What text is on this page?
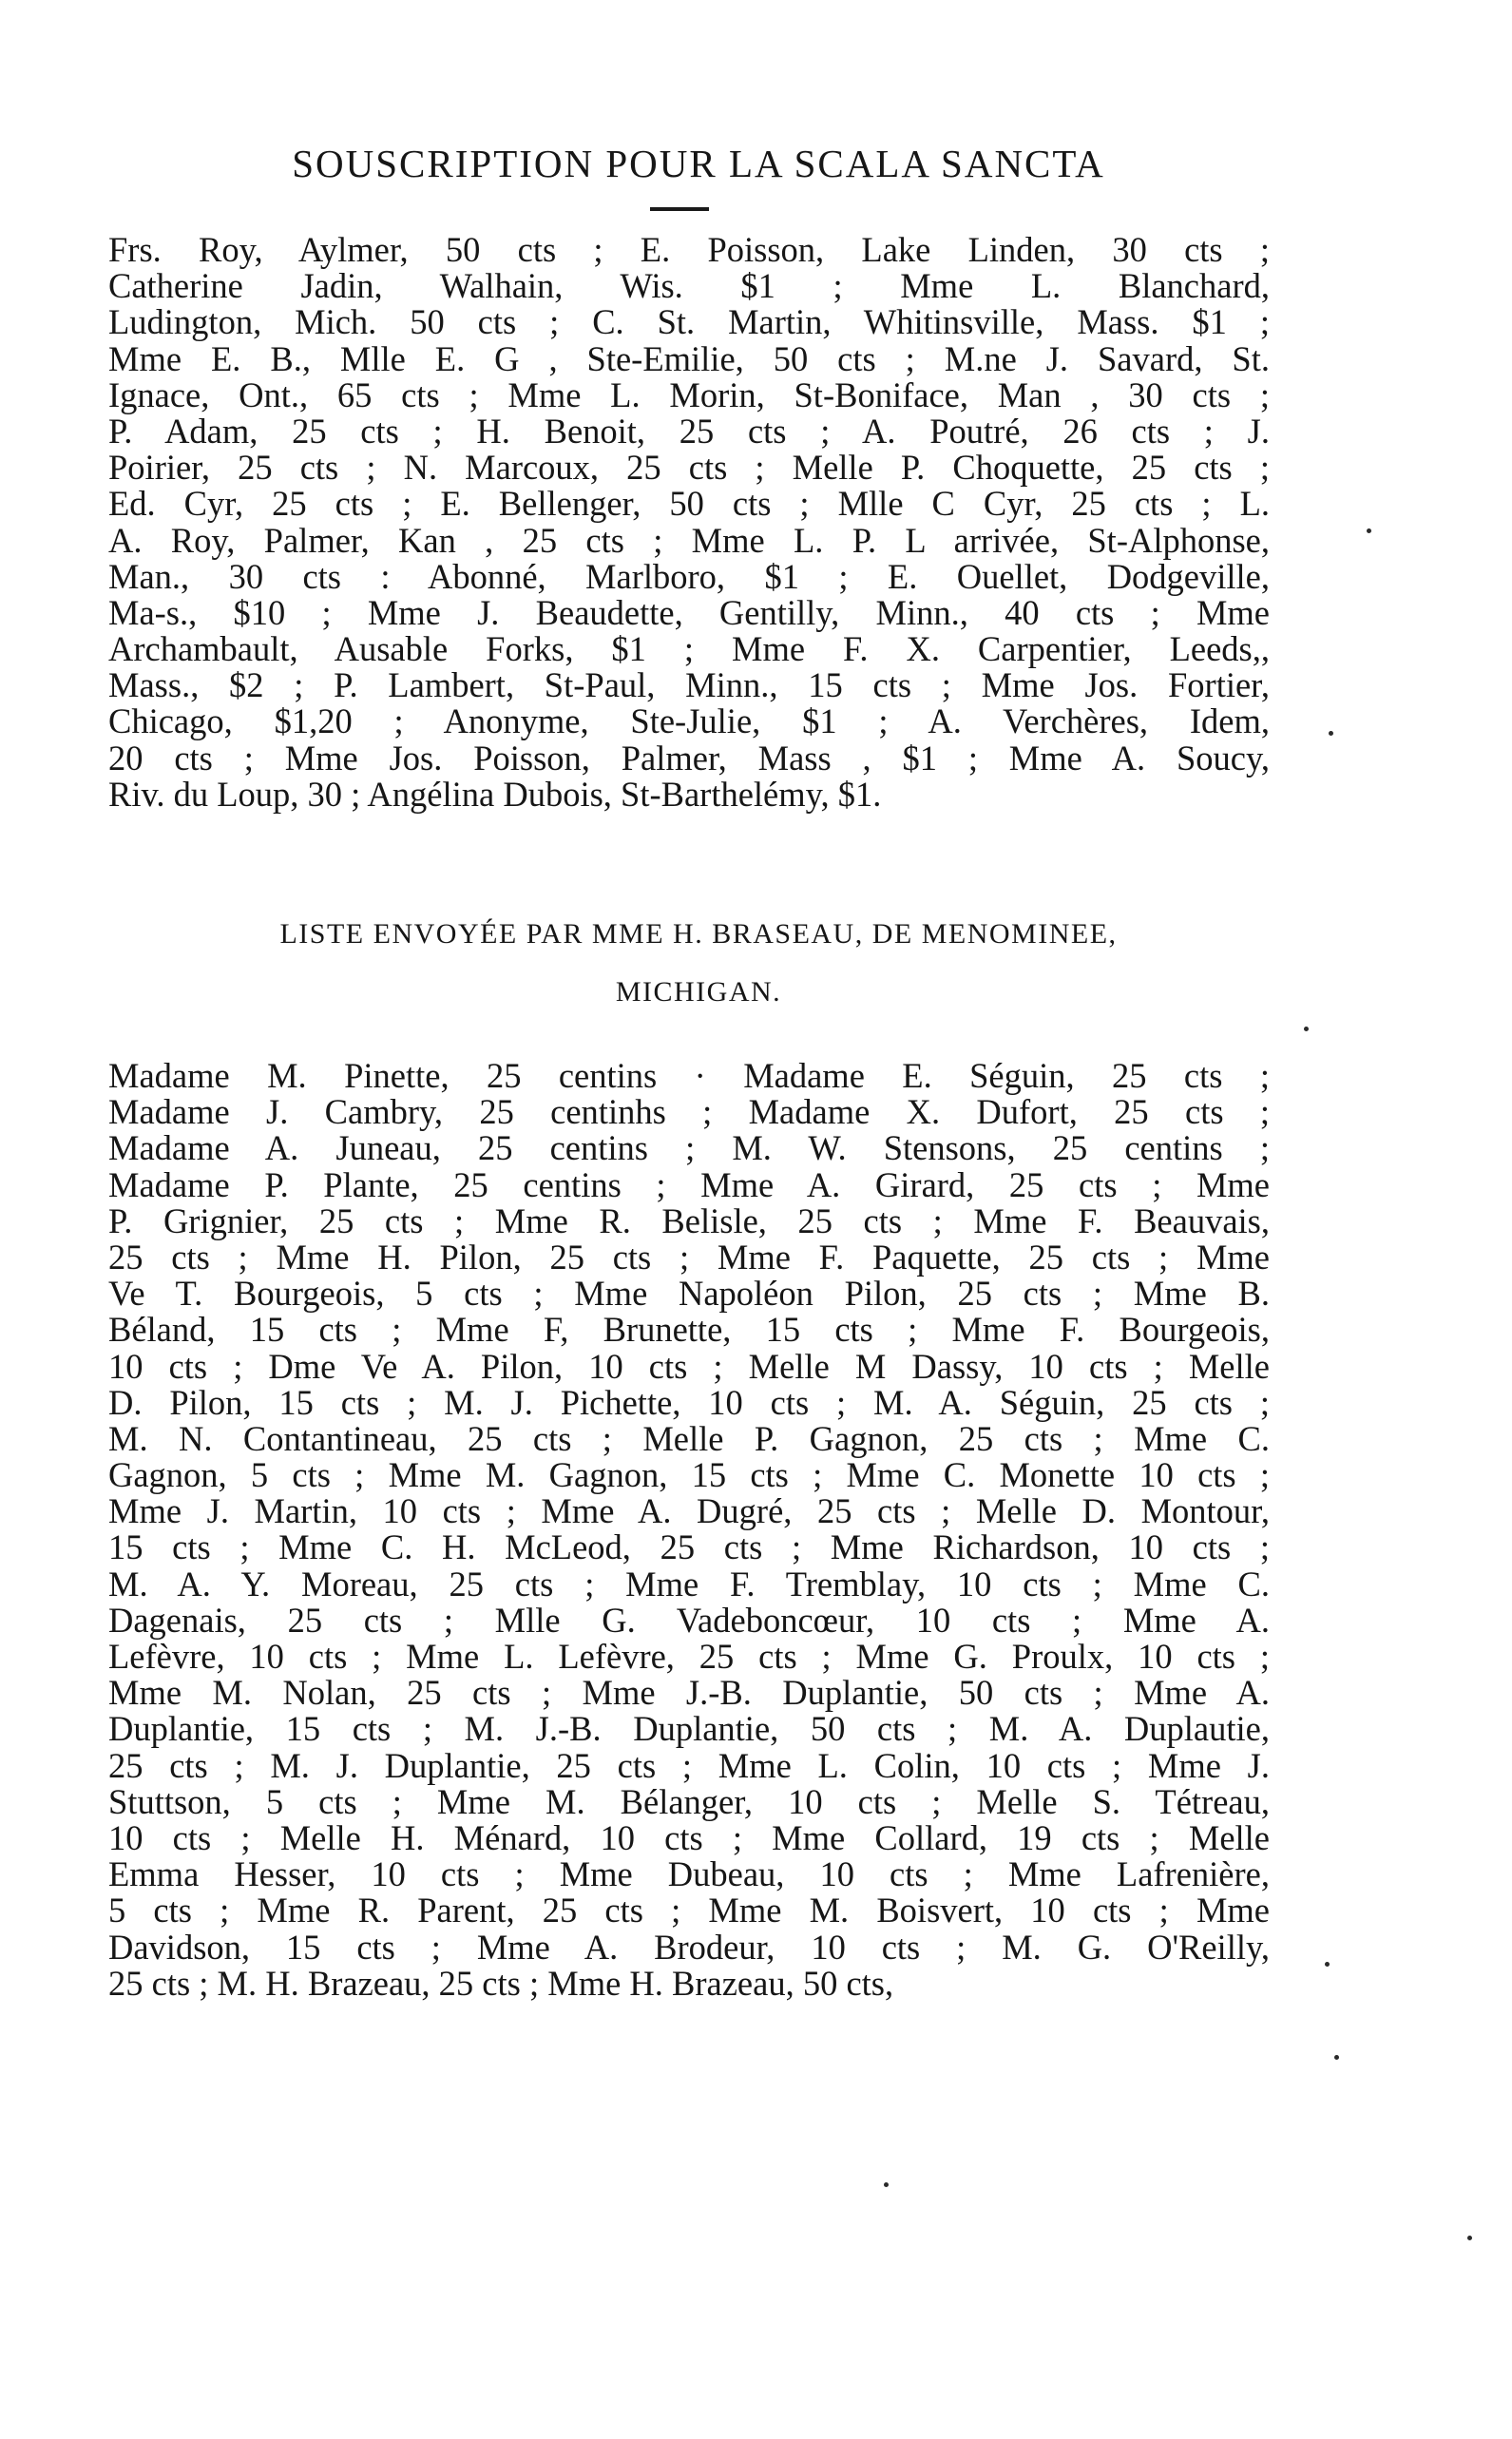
SOUSCRIPTION POUR LA SCALA SANCTA
Frs. Roy, Aylmer, 50 cts ; E. Poisson, Lake Linden, 30 cts ;
Catherine Jadin, Walhain, Wis. $1 ; Mme L. Blanchard,
Ludington, Mich. 50 cts ; C. St. Martin, Whitinsville, Mass. $1 ;
Mme E. B., Mlle E. G , Ste-Emilie, 50 cts ; M.ne J. Savard, St.
Ignace, Ont., 65 cts ; Mme L. Morin, St-Boniface, Man , 30 cts ;
P. Adam, 25 cts ; H. Benoit, 25 cts ; A. Poutré, 26 cts ; J.
Poirier, 25 cts ; N. Marcoux, 25 cts ; Melle P. Choquette, 25 cts ;
Ed. Cyr, 25 cts ; E. Bellenger, 50 cts ; Mlle C Cyr, 25 cts ; L.
A. Roy, Palmer, Kan , 25 cts ; Mme L. P. L arrivée, St-Alphonse,
Man., 30 cts : Abonné, Marlboro, $1 ; E. Ouellet, Dodgeville,
Ma-s., $10 ; Mme J. Beaudette, Gentilly, Minn., 40 cts ; Mme
Archambault, Ausable Forks, $1 ; Mme F. X. Carpentier, Leeds,,
Mass., $2 ; P. Lambert, St-Paul, Minn., 15 cts ; Mme Jos. Fortier,
Chicago, $1,20 ; Anonyme, Ste-Julie, $1 ; A. Verchères, Idem,
20 cts ; Mme Jos. Poisson, Palmer, Mass , $1 ; Mme A. Soucy,
Riv. du Loup, 30 ; Angélina Dubois, St-Barthelémy, $1.
LISTE ENVOYÉE PAR MME H. BRASEAU, DE MENOMINEE,
MICHIGAN.
Madame M. Pinette, 25 centins · Madame E. Séguin, 25 cts ;
Madame J. Cambry, 25 centinhs ; Madame X. Dufort, 25 cts ;
Madame A. Juneau, 25 centins ; M. W. Stensons, 25 centins ;
Madame P. Plante, 25 centins ; Mme A. Girard, 25 cts ; Mme
P. Grignier, 25 cts ; Mme R. Belisle, 25 cts ; Mme F. Beauvais,
25 cts ; Mme H. Pilon, 25 cts ; Mme F. Paquette, 25 cts ; Mme
Ve T. Bourgeois, 5 cts ; Mme Napoléon Pilon, 25 cts ; Mme B.
Béland, 15 cts ; Mme F, Brunette, 15 cts ; Mme F. Bourgeois,
10 cts ; Dme Ve A. Pilon, 10 cts ; Melle M Dassy, 10 cts ; Melle
D. Pilon, 15 cts ; M. J. Pichette, 10 cts ; M. A. Séguin, 25 cts ;
M. N. Contantineau, 25 cts ; Melle P. Gagnon, 25 cts ; Mme C.
Gagnon, 5 cts ; Mme M. Gagnon, 15 cts ; Mme C. Monette 10 cts ;
Mme J. Martin, 10 cts ; Mme A. Dugré, 25 cts ; Melle D. Montour,
15 cts ; Mme C. H. McLeod, 25 cts ; Mme Richardson, 10 cts ;
M. A. Y. Moreau, 25 cts ; Mme F. Tremblay, 10 cts ; Mme C.
Dagenais, 25 cts ; Mlle G. Vadeboncœur, 10 cts ; Mme A.
Lefèvre, 10 cts ; Mme L. Lefèvre, 25 cts ; Mme G. Proulx, 10 cts ;
Mme M. Nolan, 25 cts ; Mme J.-B. Duplantie, 50 cts ; Mme A.
Duplantie, 15 cts ; M. J.-B. Duplantie, 50 cts ; M. A. Duplautie,
25 cts ; M. J. Duplantie, 25 cts ; Mme L. Colin, 10 cts ; Mme J.
Stuttson, 5 cts ; Mme M. Bélanger, 10 cts ; Melle S. Tétreau,
10 cts ; Melle H. Ménard, 10 cts ; Mme Collard, 19 cts ; Melle
Emma Hesser, 10 cts ; Mme Dubeau, 10 cts ; Mme Lafrenière,
5 cts ; Mme R. Parent, 25 cts ; Mme M. Boisvert, 10 cts ; Mme
Davidson, 15 cts ; Mme A. Brodeur, 10 cts ; M. G. O'Reilly,
25 cts ; M. H. Brazeau, 25 cts ; Mme H. Brazeau, 50 cts,
